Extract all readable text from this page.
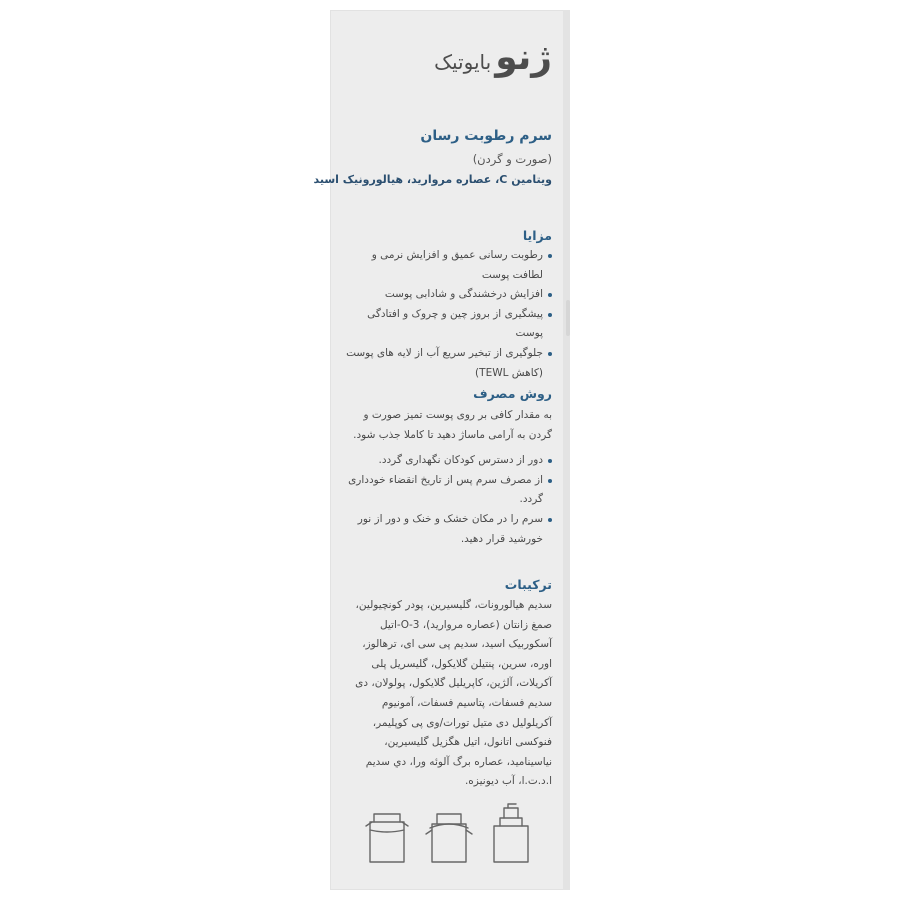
ژنو
بایوتیک
سرم رطوبت رسان
(صورت و گردن)
ویتامین C، عصاره مروارید، هیالورونیک اسید
مزایا
رطوبت رسانی عمیق و افزایش نرمی و لطافت پوست
افزایش درخشندگی و شادابی پوست
پیشگیری از بروز چین و چروک و افتادگی پوست
جلوگیری از تبخیر سریع آب از لایه های پوست (کاهش TEWL)
روش مصرف

به مقدار کافی بر روی پوست تمیز صورت و گردن به آرامی ماساژ دهید تا کاملا جذب شود.

دور از دسترس کودکان نگهداری گردد.
از مصرف سرم پس از تاریخ انقضاء خودداری گردد.
سرم را در مکان خشک و خنک و دور از نور خورشید قرار دهید.
ترکیبات

سدیم هیالورونات، گلیسیرین، پودر کونچیولین، صمغ زانتان (عصاره مروارید)، 3-O-اتیل آسکوربیک اسید، سدیم پی سی ای، ترهالوز، اوره، سرین، پنتیلن گلایکول، گلیسریل پلی آکریلات، آلژین، کاپریلیل گلایکول، پولولان، دی سدیم فسفات، پتاسیم فسفات، آمونیوم آکریلولیل دی متیل تورات/وی پی کوپلیمر، فنوکسی اتانول، اتیل هگزیل گلیسیرین، نیاسینامید، عصاره برگ آلوئه ورا، دي سدیم ا.د.ت.ا، آب دیونیزه.
